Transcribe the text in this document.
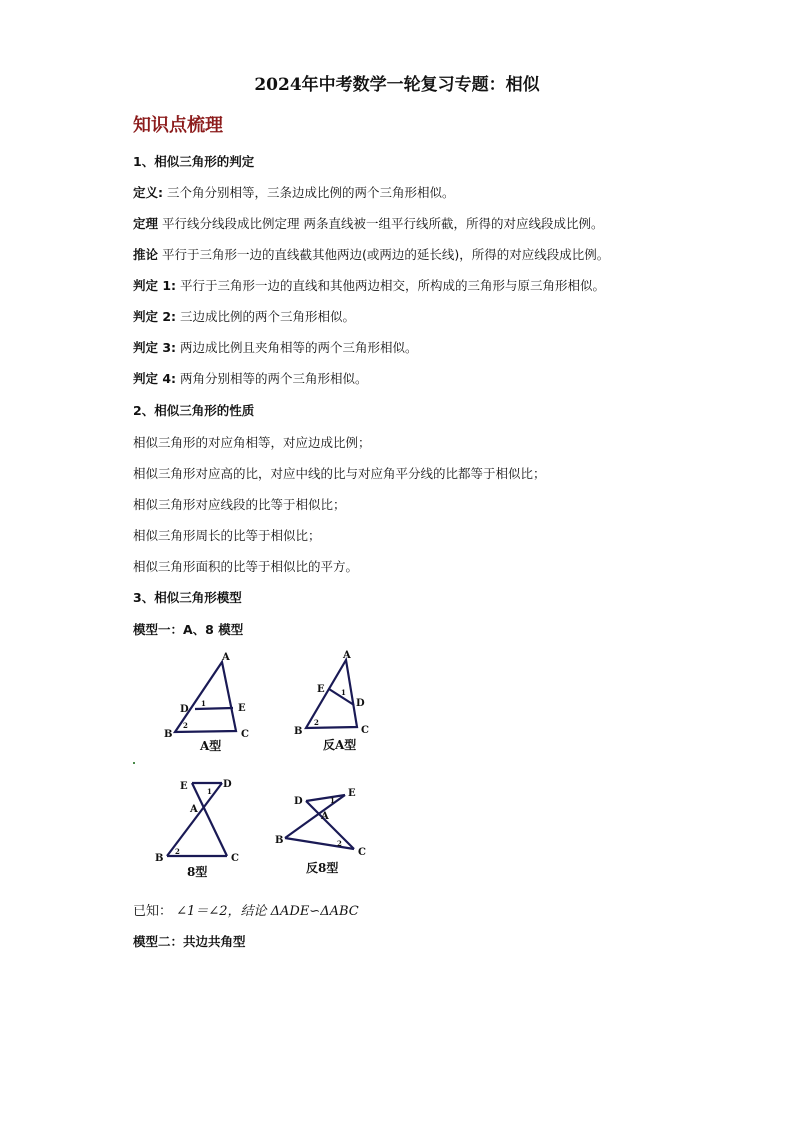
2024年中考数学一轮复习专题：相似
知识点梳理
1、相似三角形的判定
定义: 三个角分别相等，三条边成比例的两个三角形相似。
定理 平行线分线段成比例定理 两条直线被一组平行线所截，所得的对应线段成比例。
推论 平行于三角形一边的直线截其他两边(或两边的延长线)，所得的对应线段成比例。
判定 1: 平行于三角形一边的直线和其他两边相交，所构成的三角形与原三角形相似。
判定 2: 三边成比例的两个三角形相似。
判定 3: 两边成比例且夹角相等的两个三角形相似。
判定 4: 两角分别相等的两个三角形相似。
2、相似三角形的性质
相似三角形的对应角相等，对应边成比例；
相似三角形对应高的比，对应中线的比与对应角平分线的比都等于相似比；
相似三角形对应线段的比等于相似比；
相似三角形周长的比等于相似比；
相似三角形面积的比等于相似比的平方。
3、相似三角形模型
模型一：A、8 模型
A
B	C
D	E
1
2
A型
A
B	C
E
D
1
2
反A型
E	D
A
B	C
1
2
8型
D
E
A
B
C
1
2
反8型
已知： ∠1＝∠2，结论 ΔADE∽ΔABC
模型二：共边共角型
